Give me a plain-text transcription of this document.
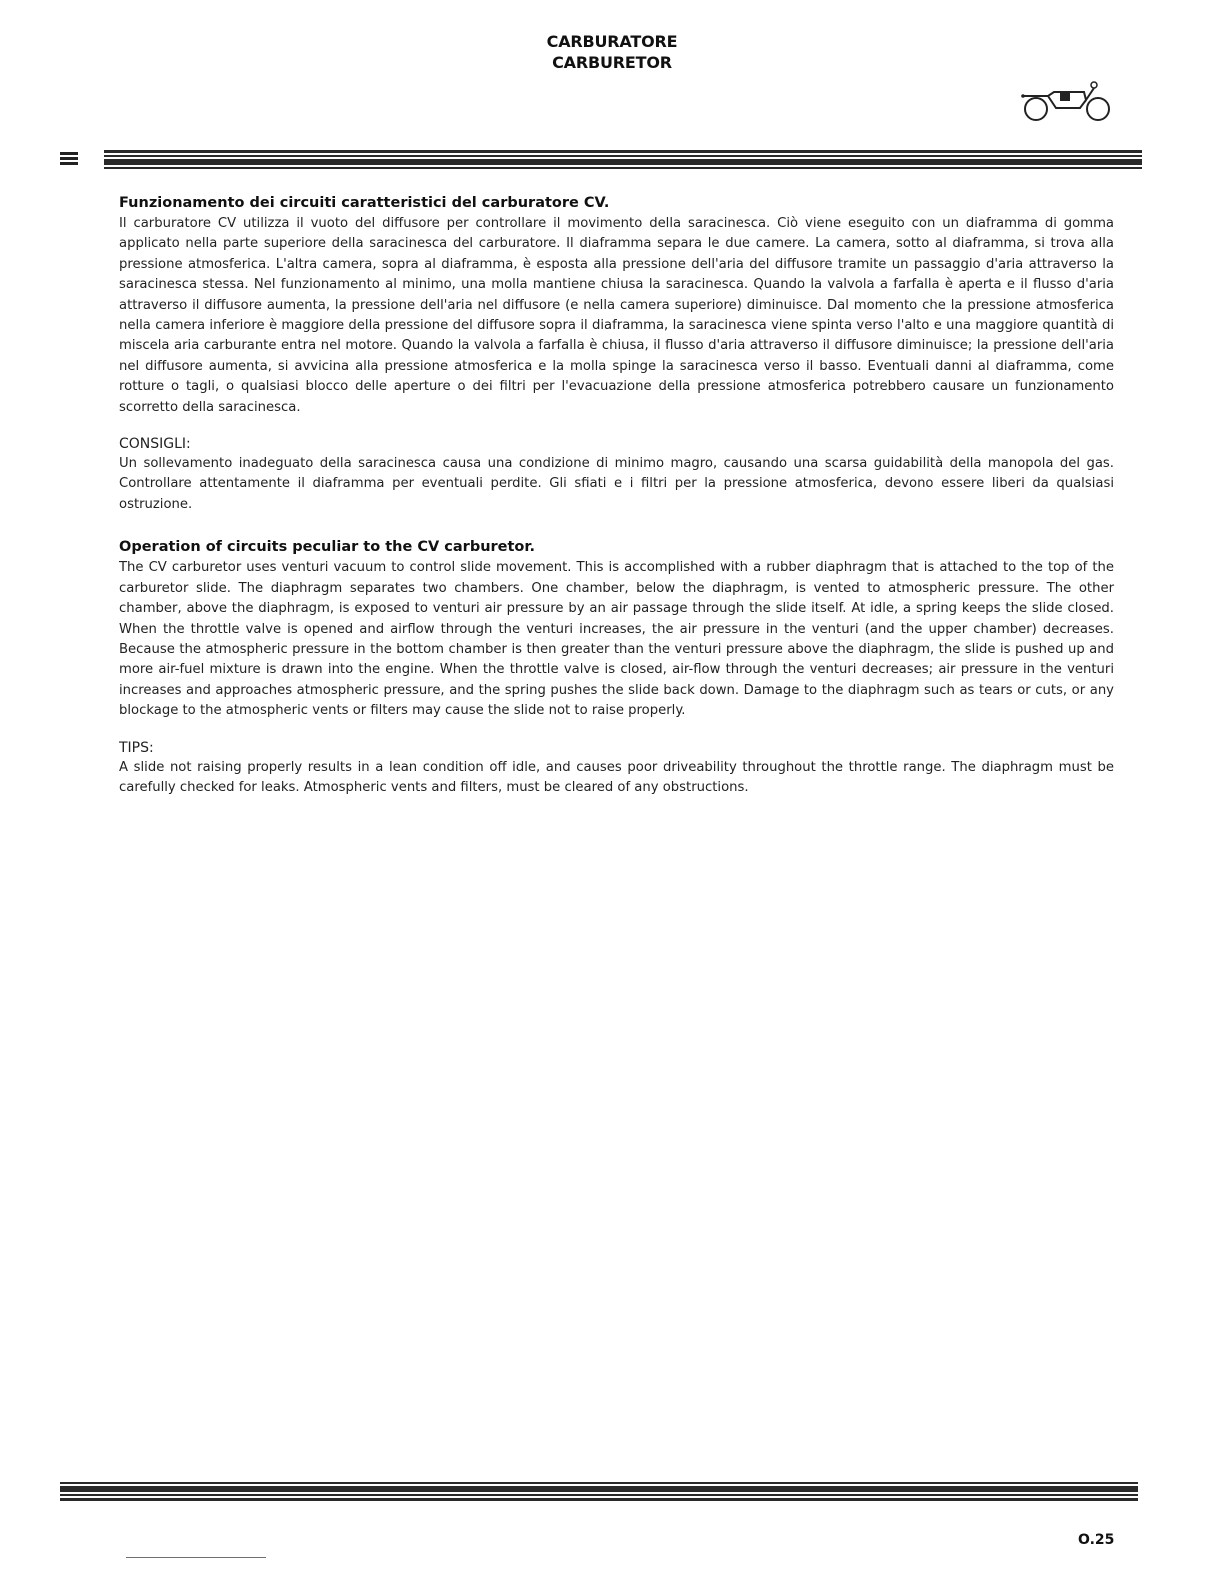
CARBURATORE
CARBURETOR
Funzionamento dei circuiti caratteristici del carburatore CV.

Il carburatore CV utilizza il vuoto del diffusore per controllare il movimento della saracinesca. Ciò viene eseguito con un diaframma di gomma applicato nella parte superiore della saracinesca del carburatore. Il diaframma separa le due camere. La camera, sotto al diaframma, si trova alla pressione atmosferica. L'altra camera, sopra al diaframma, è esposta alla pressione dell'aria del diffusore tramite un passaggio d'aria attraverso la saracinesca stessa. Nel funzionamento al minimo, una molla mantiene chiusa la saracinesca. Quando la valvola a farfalla è aperta e il flusso d'aria attraverso il diffusore aumenta, la pressione dell'aria nel diffusore (e nella camera superiore) diminuisce. Dal momento che la pressione atmosferica nella camera inferiore è maggiore della pressione del diffusore sopra il diaframma, la saracinesca viene spinta verso l'alto e una maggiore quantità di miscela aria carburante entra nel motore. Quando la valvola a farfalla è chiusa, il flusso d'aria attraverso il diffusore diminuisce; la pressione dell'aria nel diffusore aumenta, si avvicina alla pressione atmosferica e la molla spinge la saracinesca verso il basso. Eventuali danni al diaframma, come rotture o tagli, o qualsiasi blocco delle aperture o dei filtri per l'evacuazione della pressione atmosferica potrebbero causare un funzionamento scorretto della saracinesca.

CONSIGLI:

Un sollevamento inadeguato della saracinesca causa una condizione di minimo magro, causando una scarsa guidabilità della manopola del gas. Controllare attentamente il diaframma per eventuali perdite. Gli sfiati e i filtri per la pressione atmosferica, devono essere liberi da qualsiasi ostruzione.

Operation of circuits peculiar to the CV carburetor.

The CV carburetor uses venturi vacuum to control slide movement. This is accomplished with a rubber diaphragm that is attached to the top of the carburetor slide. The diaphragm separates two chambers. One chamber, below the diaphragm, is vented to atmospheric pressure. The other chamber, above the diaphragm, is exposed to venturi air pressure by an air passage through the slide itself. At idle, a spring keeps the slide closed. When the throttle valve is opened and airflow through the venturi increases, the air pressure in the venturi (and the upper chamber) decreases. Because the atmospheric pressure in the bottom chamber is then greater than the venturi pressure above the diaphragm, the slide is pushed up and more air-fuel mixture is drawn into the engine. When the throttle valve is closed, air-flow through the venturi decreases; air pressure in the venturi increases and approaches atmospheric pressure, and the spring pushes the slide back down. Damage to the diaphragm such as tears or cuts, or any blockage to the atmospheric vents or filters may cause the slide not to raise properly.

TIPS:

A slide not raising properly results in a lean condition off idle, and causes poor driveability throughout the throttle range. The diaphragm must be carefully checked for leaks. Atmospheric vents and filters, must be cleared of any obstructions.

O.25
